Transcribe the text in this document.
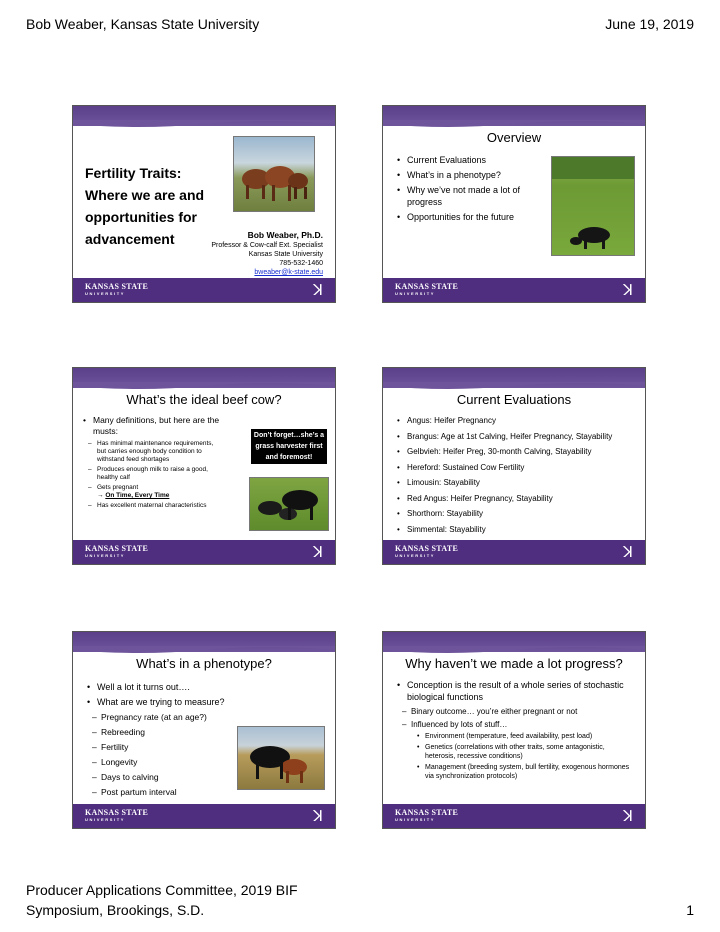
Bob Weaber, Kansas State University	June 19, 2019
Fertility Traits:
Where we are and
opportunities for
advancement	Bob Weaber, Ph.D.
Professor & Cow-calf Ext. Specialist
Kansas State University
785-532-1460
bweaber@k-state.edu
KANSAS STATE
UNIVERSITY	ꓘ
Overview
• Current Evaluations
• What’s in a phenotype?
• Why we’ve not made a lot of progress
• Opportunities for the future
KANSAS STATE
UNIVERSITY	ꓘ
What’s the ideal beef cow?
• Many definitions, but here are the musts:
– Has minimal maintenance requirements, but carries enough body condition to withstand feed shortages
– Produces enough milk to raise a good, healthy calf
– Gets pregnant
→ On Time, Every Time
– Has excellent maternal characteristics
Don’t forget…she’s a grass harvester first and foremost!
KANSAS STATE
UNIVERSITY	ꓘ
Current Evaluations
• Angus: Heifer Pregnancy
• Brangus: Age at 1st Calving, Heifer Pregnancy, Stayability
• Gelbvieh: Heifer Preg, 30-month Calving, Stayability
• Hereford: Sustained Cow Fertility
• Limousin: Stayability
• Red Angus: Heifer Pregnancy, Stayability
• Shorthorn: Stayability
• Simmental: Stayability
KANSAS STATE
UNIVERSITY	ꓘ
What’s in a phenotype?
• Well a lot it turns out….
• What are we trying to measure?
– Pregnancy rate (at an age?)
– Rebreeding
– Fertility
– Longevity
– Days to calving
– Post partum interval
KANSAS STATE
UNIVERSITY	ꓘ
Why haven’t we made a lot progress?
• Conception is the result of a whole series of stochastic biological functions
– Binary outcome… you’re either pregnant or not
– Influenced by lots of stuff…
• Environment (temperature, feed availability, pest load)
• Genetics (correlations with other traits, some antagonistic, heterosis, recessive conditions)
• Management (breeding system, bull fertility, exogenous hormones via synchronization protocols)
KANSAS STATE
UNIVERSITY	ꓘ
Producer Applications Committee, 2019 BIF
Symposium, Brookings, S.D.	1
